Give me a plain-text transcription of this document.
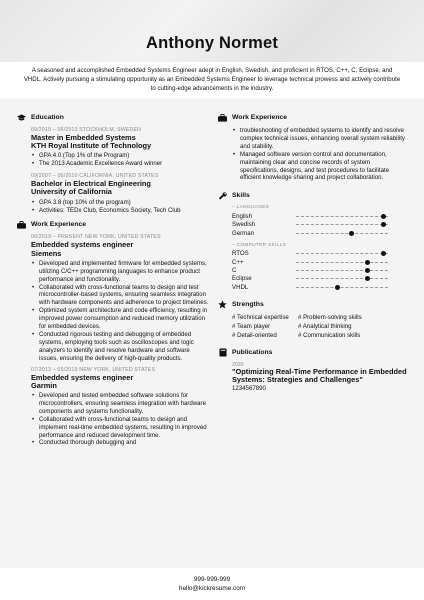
Anthony Normet
A seasoned and accomplished Embedded Systems Engineer adept in English, Swedish, and proficient in RTOS, C++, C, Eclipse, and VHDL. Actively pursuing a stimulating opportunity as an Embedded Systems Engineer to leverage technical prowess and actively contribute to cutting-edge advancements in the industry.
Education
09/2010 – 06/2013 STOCKHOLM, SWEDEN
Master in Embedded Systems
KTH Royal Institute of Technology
• GPA 4.0 (Top 1% of the Program)
• The 2013 Academic Excellence Award winner
09/2007 – 06/2010 CALIFORNIA, UNITED STATES
Bachelor in Electrical Engineering
University of California
• GPA 3.8 (top 10% of the program)
• Activities: TEDx Club, Economics Society, Tech Club
Work Experience
06/2019 – PRESENT NEW YORK, UNITED STATES
Embedded systems engineer
Siemens
• Developed and implemented firmware for embedded systems, utilizing C/C++ programming languages to enhance product performance and functionality.
• Collaborated with cross-functional teams to design and test microcontroller-based systems, ensuring seamless integration with hardware components and adherence to project timelines.
• Optimized system architecture and code efficiency, resulting in improved power consumption and reduced memory utilization for embedded devices.
• Conducted rigorous testing and debugging of embedded systems, employing tools such as oscilloscopes and logic analyzers to identify and resolve hardware and software issues, ensuring the delivery of high-quality products.
07/2013 – 05/2019 NEW YORK, UNITED STATES
Embedded systems engineer
Garmin
• Developed and tested embedded software solutions for microcontrollers, ensuring seamless integration with hardware components and systems functionality.
• Collaborated with cross-functional teams to design and implement real-time embedded systems, resulting in improved performance and reduced development time.
• Conducted thorough debugging and
Work Experience
• troubleshooting of embedded systems to identify and resolve complex technical issues, enhancing overall system reliability and stability.
• Managed software version control and documentation, maintaining clear and concise records of system specifications, designs, and test procedures to facilitate efficient knowledge sharing and project collaboration.
Skills
– LANGUAGES
English
Swedish
German
– COMPUTER SKILLS
RTOS
C++
C
Eclipse
VHDL
Strengths
# Technical expertise	# Problem-solving skills
# Team player	# Analytical thinking
# Detail-oriented	# Communication skills
Publications
2020
"Optimizing Real-Time Performance in Embedded Systems: Strategies and Challenges"
1234567890
999-999-999
hello@kickresume.com
